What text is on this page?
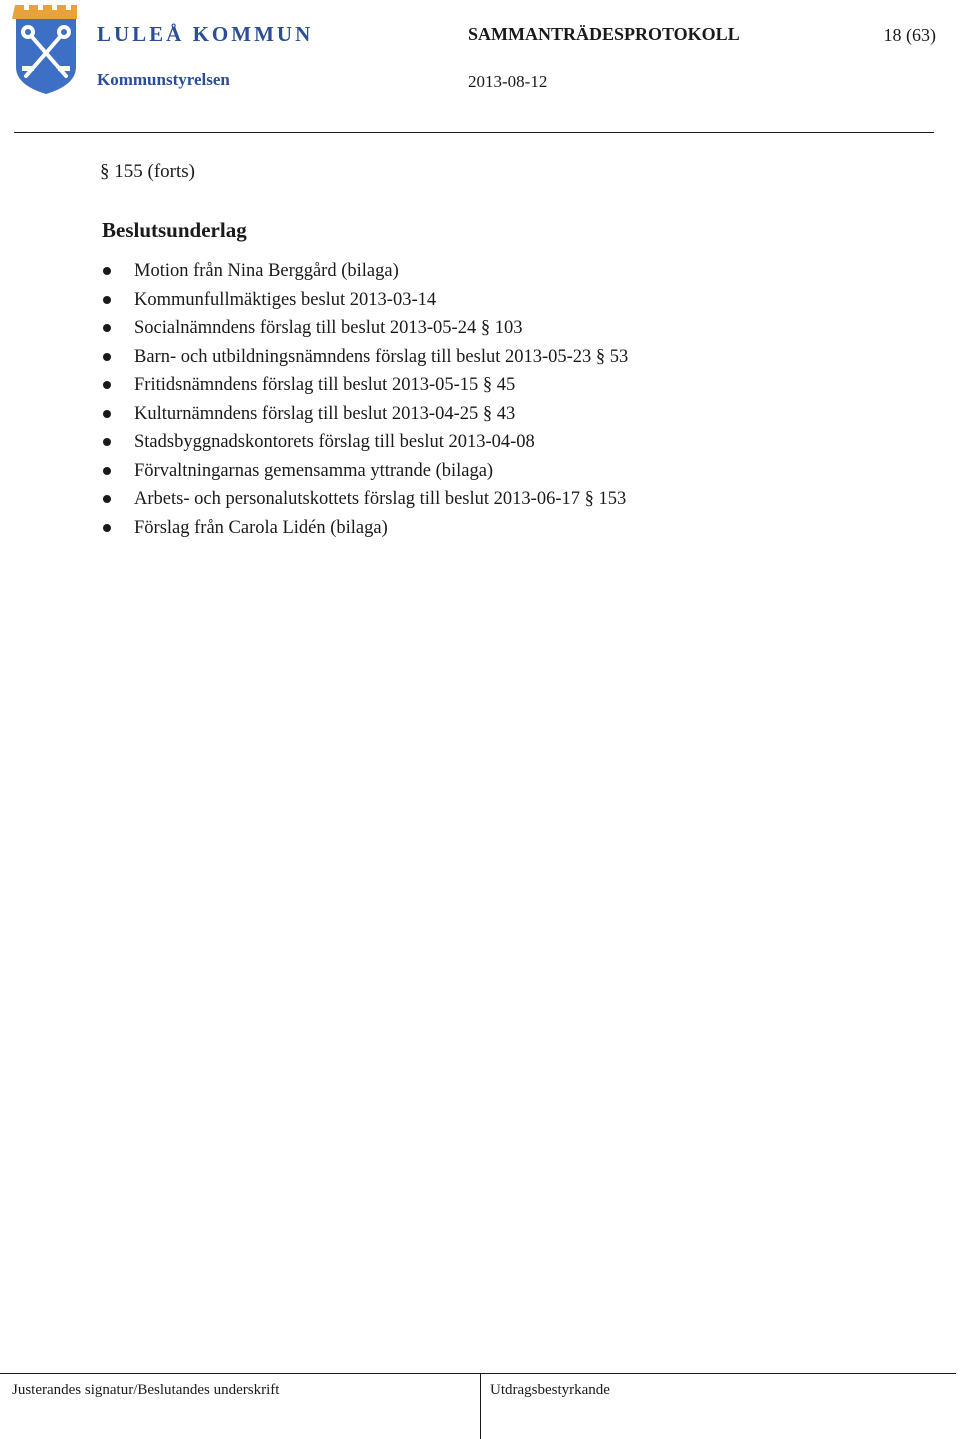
LULEÅ KOMMUN
Kommunstyrelsen
SAMMANTRÄDESPROTOKOLL
2013-08-12
18 (63)
§ 155 (forts)
Beslutsunderlag
Motion från Nina Berggård (bilaga)
Kommunfullmäktiges beslut 2013-03-14
Socialnämndens förslag till beslut 2013-05-24 § 103
Barn- och utbildningsnämndens förslag till beslut 2013-05-23 § 53
Fritidsnämndens förslag till beslut 2013-05-15 § 45
Kulturnämndens förslag till beslut 2013-04-25 § 43
Stadsbyggnadskontorets förslag till beslut 2013-04-08
Förvaltningarnas gemensamma yttrande (bilaga)
Arbets- och personalutskottets förslag till beslut 2013-06-17 § 153
Förslag från Carola Lidén (bilaga)
Justerandes signatur/Beslutandes underskrift	Utdragsbestyrkande
